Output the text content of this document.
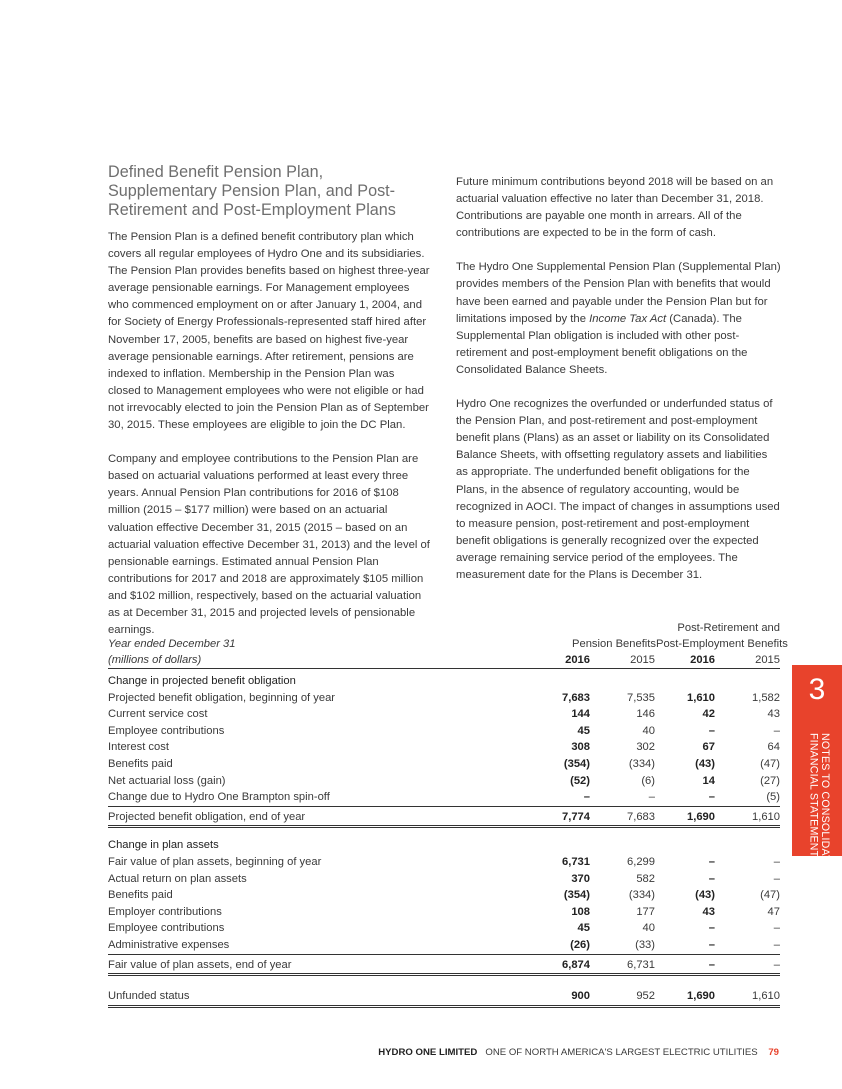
Defined Benefit Pension Plan, Supplementary Pension Plan, and Post-Retirement and Post-Employment Plans

The Pension Plan is a defined benefit contributory plan which covers all regular employees of Hydro One and its subsidiaries. The Pension Plan provides benefits based on highest three-year average pensionable earnings. For Management employees who commenced employment on or after January 1, 2004, and for Society of Energy Professionals-represented staff hired after November 17, 2005, benefits are based on highest five-year average pensionable earnings. After retirement, pensions are indexed to inflation. Membership in the Pension Plan was closed to Management employees who were not eligible or had not irrevocably elected to join the Pension Plan as of September 30, 2015. These employees are eligible to join the DC Plan.

Company and employee contributions to the Pension Plan are based on actuarial valuations performed at least every three years. Annual Pension Plan contributions for 2016 of $108 million (2015 – $177 million) were based on an actuarial valuation effective December 31, 2015 (2015 – based on an actuarial valuation effective December 31, 2013) and the level of pensionable earnings. Estimated annual Pension Plan contributions for 2017 and 2018 are approximately $105 million and $102 million, respectively, based on the actuarial valuation as at December 31, 2015 and projected levels of pensionable earnings.

Future minimum contributions beyond 2018 will be based on an actuarial valuation effective no later than December 31, 2018. Contributions are payable one month in arrears. All of the contributions are expected to be in the form of cash.

The Hydro One Supplemental Pension Plan (Supplemental Plan) provides members of the Pension Plan with benefits that would have been earned and payable under the Pension Plan but for limitations imposed by the Income Tax Act (Canada). The Supplemental Plan obligation is included with other post-retirement and post-employment benefit obligations on the Consolidated Balance Sheets.

Hydro One recognizes the overfunded or underfunded status of the Pension Plan, and post-retirement and post-employment benefit plans (Plans) as an asset or liability on its Consolidated Balance Sheets, with offsetting regulatory assets and liabilities as appropriate. The underfunded benefit obligations for the Plans, in the absence of regulatory accounting, would be recognized in AOCI. The impact of changes in assumptions used to measure pension, post-retirement and post-employment benefit obligations is generally recognized over the expected average remaining service period of the employees. The measurement date for the Plans is December 31.

Post-Retirement and
Year ended December 31	Pension Benefits Post-Employment Benefits
(millions of dollars)	2016	2015	2016	2015
Change in projected benefit obligation
Projected benefit obligation, beginning of year	7,683	7,535	1,610	1,582
Current service cost	144	146	42	43
Employee contributions	45	40	–	–
Interest cost	308	302	67	64
Benefits paid	(354)	(334)	(43)	(47)
Net actuarial loss (gain)	(52)	(6)	14	(27)
Change due to Hydro One Brampton spin-off	–	–	–	(5)
Projected benefit obligation, end of year	7,774	7,683	1,690	1,610
Change in plan assets
Fair value of plan assets, beginning of year	6,731	6,299	–	–
Actual return on plan assets	370	582	–	–
Benefits paid	(354)	(334)	(43)	(47)
Employer contributions	108	177	43	47
Employee contributions	45	40	–	–
Administrative expenses	(26)	(33)	–	–
Fair value of plan assets, end of year	6,874	6,731	–	–
Unfunded status	900	952	1,690	1,610
3
NOTES TO CONSOLIDATED
FINANCIAL STATEMENTS
HYDRO ONE LIMITED ONE OF NORTH AMERICA'S LARGEST ELECTRIC UTILITIES 79
